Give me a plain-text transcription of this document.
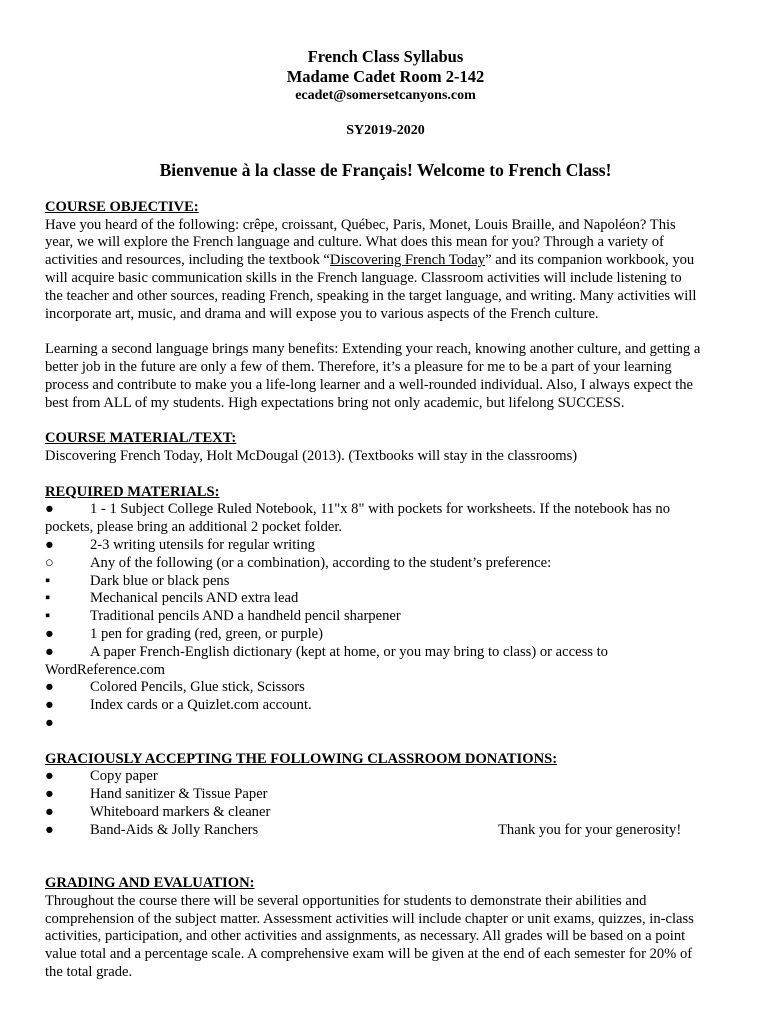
French Class Syllabus
Madame Cadet Room 2-142
ecadet@somersetcanyons.com
SY2019-2020
Bienvenue à la classe de Français! Welcome to French Class!
COURSE OBJECTIVE:
Have you heard of the following: crêpe, croissant, Québec, Paris, Monet, Louis Braille, and Napoléon? This
year, we will explore the French language and culture. What does this mean for you? Through a variety of
activities and resources, including the textbook “Discovering French Today” and its companion workbook, you
will acquire basic communication skills in the French language. Classroom activities will include listening to
the teacher and other sources, reading French, speaking in the target language, and writing. Many activities will
incorporate art, music, and drama and will expose you to various aspects of the French culture.
Learning a second language brings many benefits: Extending your reach, knowing another culture, and getting a
better job in the future are only a few of them. Therefore, it’s a pleasure for me to be a part of your learning
process and contribute to make you a life-long learner and a well-rounded individual. Also, I always expect the
best from ALL of my students. High expectations bring not only academic, but lifelong SUCCESS.
COURSE MATERIAL/TEXT:
Discovering French Today, Holt McDougal (2013). (Textbooks will stay in the classrooms)
REQUIRED MATERIALS:
●	1 - 1 Subject College Ruled Notebook, 11"x 8" with pockets for worksheets. If the notebook has no
pockets, please bring an additional 2 pocket folder.
●	2-3 writing utensils for regular writing
○	Any of the following (or a combination), according to the student’s preference:
▪	Dark blue or black pens
▪	Mechanical pencils AND extra lead
▪	Traditional pencils AND a handheld pencil sharpener
●	1 pen for grading (red, green, or purple)
●	A paper French-English dictionary (kept at home, or you may bring to class) or access to
WordReference.com
●	Colored Pencils, Glue stick, Scissors
●	Index cards or a Quizlet.com account.
●
GRACIOUSLY ACCEPTING THE FOLLOWING CLASSROOM DONATIONS:
●	Copy paper
●	Hand sanitizer & Tissue Paper
●	Whiteboard markers & cleaner
●	Band-Aids & Jolly Ranchers	Thank you for your generosity!
GRADING AND EVALUATION:
Throughout the course there will be several opportunities for students to demonstrate their abilities and
comprehension of the subject matter. Assessment activities will include chapter or unit exams, quizzes, in-class
activities, participation, and other activities and assignments, as necessary. All grades will be based on a point
value total and a percentage scale. A comprehensive exam will be given at the end of each semester for 20% of
the total grade.
